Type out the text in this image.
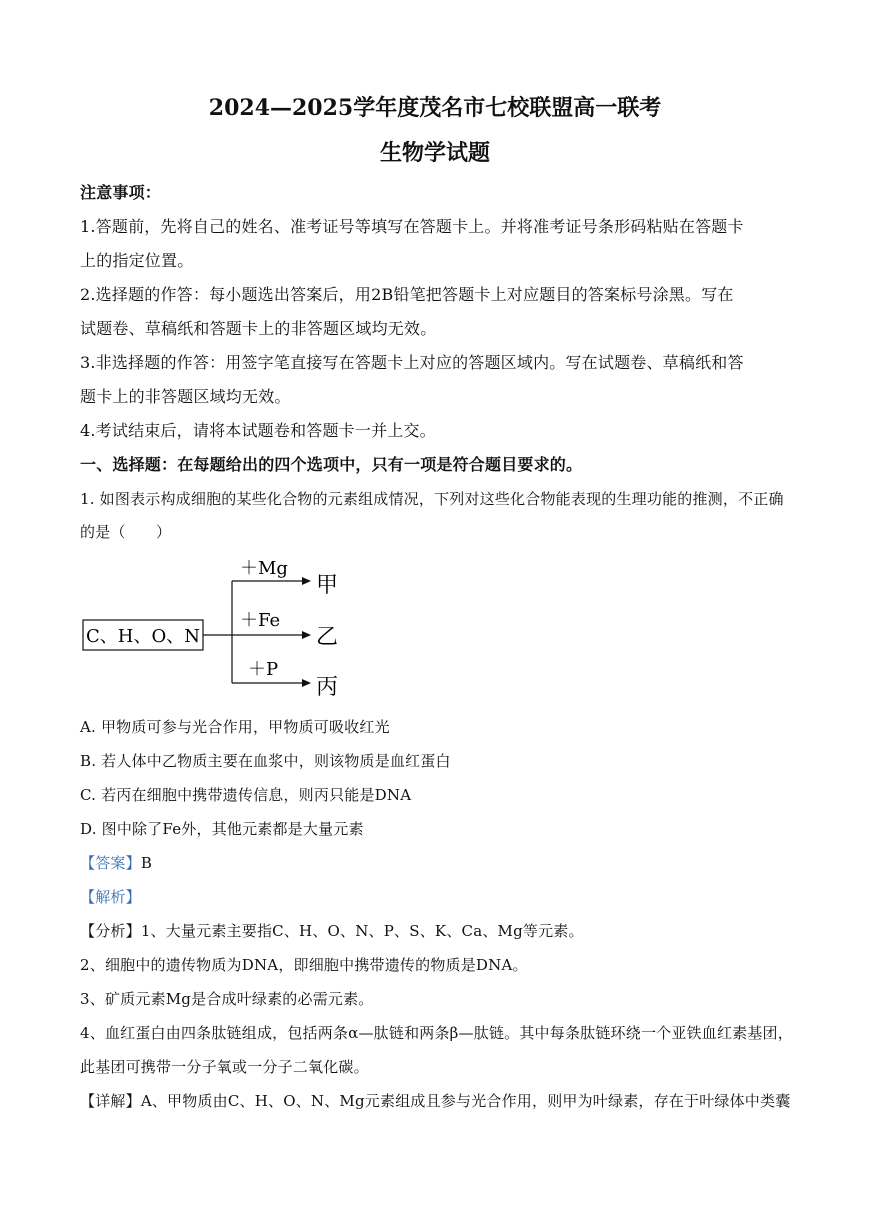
2024—2025学年度茂名市七校联盟高一联考
生物学试题
注意事项：
1.答题前，先将自己的姓名、准考证号等填写在答题卡上。并将准考证号条形码粘贴在答题卡
上的指定位置。
2.选择题的作答：每小题选出答案后，用2B铅笔把答题卡上对应题目的答案标号涂黑。写在
试题卷、草稿纸和答题卡上的非答题区域均无效。
3.非选择题的作答：用签字笔直接写在答题卡上对应的答题区域内。写在试题卷、草稿纸和答
题卡上的非答题区域均无效。
4.考试结束后，请将本试题卷和答题卡一并上交。
一、选择题：在每题给出的四个选项中，只有一项是符合题目要求的。
1. 如图表示构成细胞的某些化合物的元素组成情况，下列对这些化合物能表现的生理功能的推测，不正确
的是（　　）
C、H、O、N
＋Mg
＋Fe
＋P
甲
乙
丙
A. 甲物质可参与光合作用，甲物质可吸收红光
B. 若人体中乙物质主要在血浆中，则该物质是血红蛋白
C. 若丙在细胞中携带遗传信息，则丙只能是DNA
D. 图中除了Fe外，其他元素都是大量元素
【答案】B
【解析】
【分析】1、大量元素主要指C、H、O、N、P、S、K、Ca、Mg等元素。
2、细胞中的遗传物质为DNA，即细胞中携带遗传的物质是DNA。
3、矿质元素Mg是合成叶绿素的必需元素。
4、血红蛋白由四条肽链组成，包括两条α—肽链和两条β—肽链。其中每条肽链环绕一个亚铁血红素基团，
此基团可携带一分子氧或一分子二氧化碳。
【详解】A、甲物质由C、H、O、N、Mg元素组成且参与光合作用，则甲为叶绿素，存在于叶绿体中类囊
